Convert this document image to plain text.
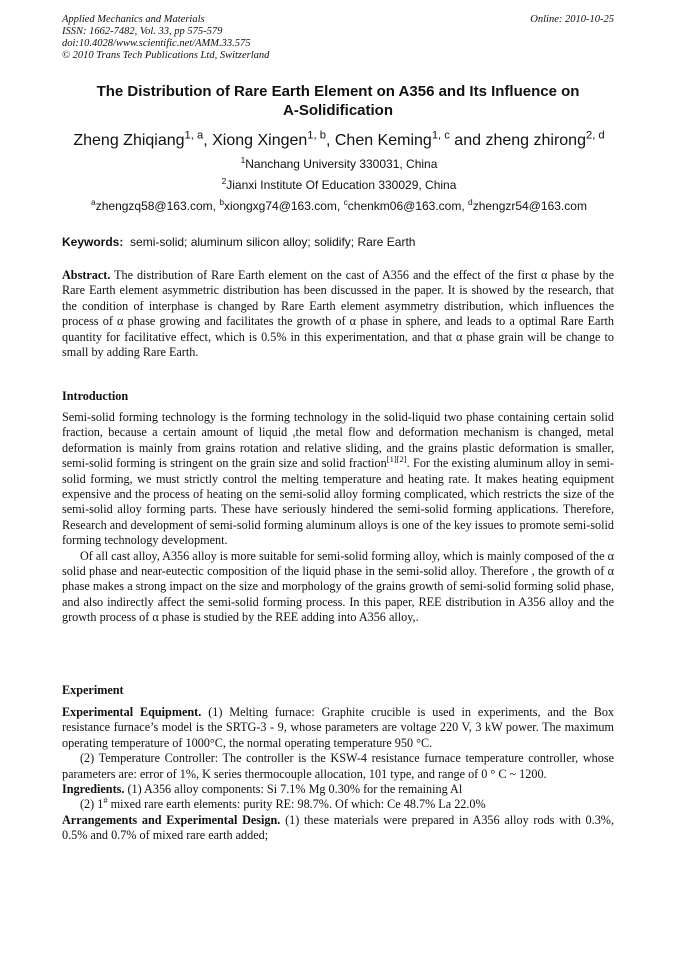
Applied Mechanics and Materials
ISSN: 1662-7482, Vol. 33, pp 575-579
doi:10.4028/www.scientific.net/AMM.33.575
© 2010 Trans Tech Publications Ltd, Switzerland
Online: 2010-10-25
The Distribution of Rare Earth Element on A356 and Its Influence on
A-Solidification
Zheng Zhiqiang$^{1, a}$, Xiong Xingen$^{1, b}$, Chen Keming$^{1, c}$ and zheng zhirong$^{2, d}$
$^1$Nanchang University 330031, China
$^2$Jianxi Institute Of Education 330029, China
$^a$zhengzq58@163.com, $^b$xiongxg74@163.com, $^c$chenkm06@163.com, $^d$zhengzr54@163.com
Keywords: semi-solid; aluminum silicon alloy; solidify; Rare Earth

Abstract. The distribution of Rare Earth element on the cast of A356 and the effect of the first α phase by the Rare Earth element asymmetric distribution has been discussed in the paper. It is showed by the research, that the condition of interphase is changed by Rare Earth element asymmetry distribution, which influences the process of α phase growing and facilitates the growth of α phase in sphere, and leads to a optimal Rare Earth quantity for facilitative effect, which is 0.5% in this experimentation, and that α phase grain will be change to small by adding Rare Earth.

Introduction

Semi-solid forming technology is the forming technology in the solid-liquid two phase containing certain solid fraction, because a certain amount of liquid ,the metal flow and deformation mechanism is changed, metal deformation is mainly from grains rotation and relative sliding, and the grains plastic deformation is smaller, semi-solid forming is stringent on the grain size and solid fraction[1][2]. For the existing aluminum alloy in semi-solid forming, we must strictly control the melting temperature and heating rate. It makes heating equipment expensive and the process of heating on the semi-solid alloy forming complicated, which restricts the size of the semi-solid alloy forming parts. These have seriously hindered the semi-solid forming applications. Therefore, Research and development of semi-solid forming aluminum alloys is one of the key issues to promote semi-solid forming technology development.

Of all cast alloy, A356 alloy is more suitable for semi-solid forming alloy, which is mainly composed of the α solid phase and near-eutectic composition of the liquid phase in the semi-solid alloy. Therefore , the growth of α phase makes a strong impact on the size and morphology of the grains growth of semi-solid forming solid phase, and also indirectly affect the semi-solid forming process. In this paper, REE distribution in A356 alloy and the growth process of α phase is studied by the REE adding into A356 alloy,.

Experiment

Experimental Equipment. (1) Melting furnace: Graphite crucible is used in experiments, and the Box resistance furnace’s model is the SRTG-3 - 9, whose parameters are voltage 220 V, 3 kW power. The maximum operating temperature of 1000°C, the normal operating temperature 950 °C.

(2) Temperature Controller: The controller is the KSW-4 resistance furnace temperature controller, whose parameters are: error of 1%, K series thermocouple allocation, 101 type, and range of 0 ° C ~ 1200.

Ingredients. (1) A356 alloy components: Si 7.1% Mg 0.30% for the remaining Al

(2) 1# mixed rare earth elements: purity RE: 98.7%. Of which: Ce 48.7% La 22.0%

Arrangements and Experimental Design. (1) these materials were prepared in A356 alloy rods with 0.3%, 0.5% and 0.7% of mixed rare earth added;
